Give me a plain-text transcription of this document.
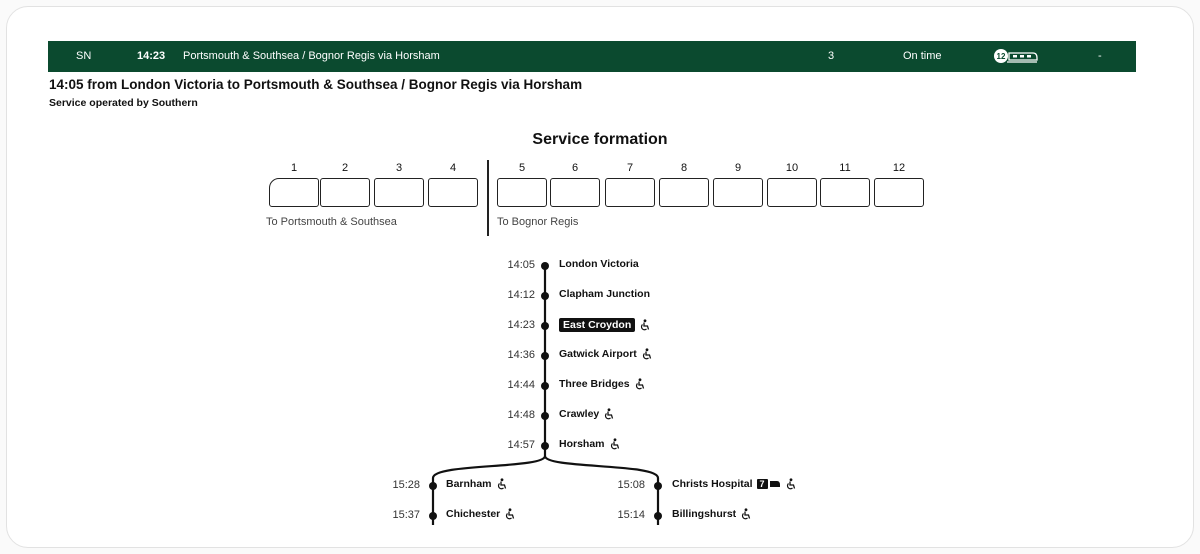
SN	14:23 Portsmouth & Southsea / Bognor Regis via Horsham	3	On time	12	-
14:05 from London Victoria to Portsmouth & Southsea / Bognor Regis via Horsham
Service operated by Southern
Service formation
To Portsmouth & Southsea	To Bognor Regis
1	2	3	4	5	6	7	8	9	10	11	12
14:05 London Victoria
14:12 Clapham Junction
14:23	East Croydon
14:36 Gatwick Airport
14:44 Three Bridges
14:48 Crawley
14:57 Horsham
15:28 Barnham
15:37 Chichester
15:08	Christs Hospital 7
15:14	Billingshurst
